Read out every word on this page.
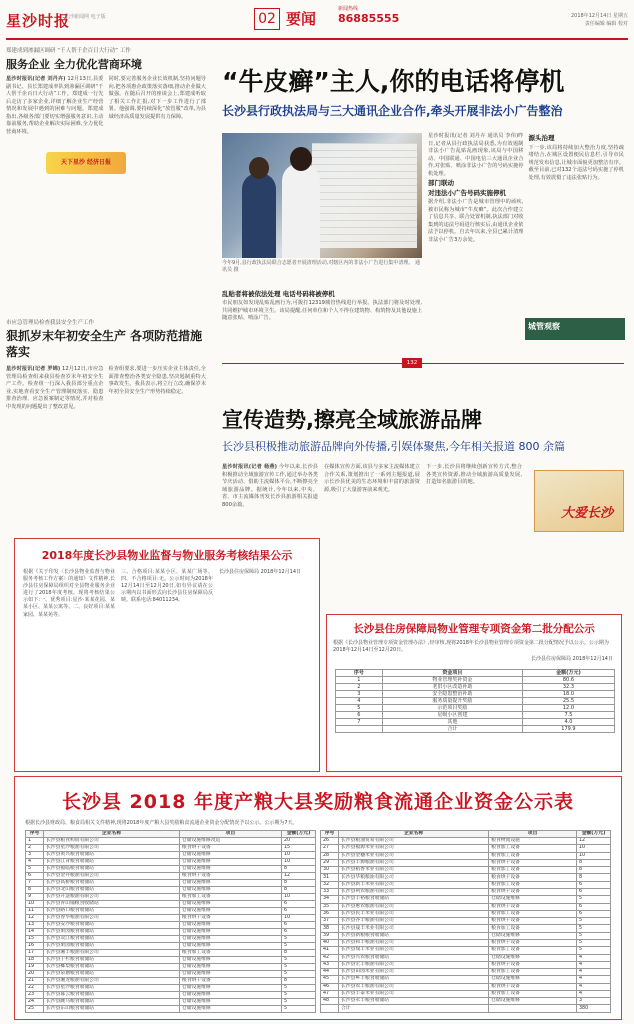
星沙时报
星沙新闻网 电子版	02 要闻
新闻热线
86885555	2018年12月14日 星期五
责任编辑 编辑 校对
郑建成到渗漏区调研 “千人帮千企百日大行动” 工作
服务企业 全力优化营商环境
星沙时报讯(记者 刘丹卉) 12月13日,县委副书记、县长郑建成率队到渗漏区调研“千人帮千企百日大行动”工作。郑建成一行先后走访了多家企业,详细了解企业生产经营情况和发展中遇到的困难与问题。郑建成指出,各级各部门要切实增强服务意识,主动靠前服务,帮助企业解决实际困难,全力优化营商环境。
同时,要完善服务企业长效机制,坚持问题导向,把各项惠企政策落实落细,推动企业做大做强。在随后召开的座谈会上,郑建成听取了相关工作汇报,对下一步工作进行了部署。他强调,要持续深化“放管服”改革,为县域经济高质量发展提供有力保障。
天下星沙 经济日报
市应急管理局检查我县安全生产工作
狠抓岁末年初安全生产 各项防范措施落实
星沙时报讯(记者 罗锦) 12月12日,市应急管理局检查组来我县检查岁末年初安全生产工作。检查组一行深入我县部分重点企业,实地查看安全生产管理制度落实、隐患排查治理、应急预案制定等情况,并对检查中发现的问题提出了整改意见。
检查组要求,要进一步压实企业主体责任,全面排查整治各类安全隐患,坚决遏制重特大事故发生。我县表示,将立行立改,确保岁末年初全县安全生产形势持续稳定。
“牛皮癣”主人,你的电话将停机
长沙县行政执法局与三大通讯企业合作,牵头开展非法小广告整治
今年9月,县行政执法局联合志愿者开展清理活动,对辖区内的非法小广告进行集中清理。 通讯员 摄
星沙时报讯(记者 刘丹卉 通讯员 李伟)昨日,记者从县行政执法局获悉,为有效遏制非法小广告乱贴乱画现象,该局与中国移动、中国联通、中国电信三大通讯企业合作,对张贴、喷涂非法小广告的号码实施停机处理。
部门联动
对违法小广告号码实施停机
据介绍,非法小广告是城市管理中的顽疾,被市民称为城市“牛皮癣”。此次合作建立了信息共享、联合处置机制,执法部门对收集到的违法号码进行核实后,由通讯企业依法予以停机。自去年以来,全县已累计清理非法小广告3万余处。
源头治理
下一步,该局将持续加大整治力度,坚持疏堵结合,在城区设置便民信息栏,引导市民规范发布信息,让城市面貌更加整洁有序。 截至目前,已对132个违法号码实施了停机处理,有效震慑了违法张贴行为。
城管观察
乱贴者将被依法处理 电话号码将被停机
市民朋友如发现乱贴乱画行为,可拨打12319城管热线进行举报。执法部门将及时处理,共同维护城市环境卫生。该局提醒,任何单位和个人不得在建筑物、构筑物及其他设施上随意张贴、喷涂广告。
132
宣传造势,擦亮全域旅游品牌
长沙县积极推动旅游品牌向外传播,引娱体聚焦,今年相关报道 800 余篇
星沙时报讯(记者 杨燕) 今年以来,长沙县积极推动全域旅游宣传工作,通过举办各类节庆活动、借助主流媒体平台,不断擦亮全域旅游品牌。据统计,今年以来,中央、省、市主流媒体刊发长沙县旅游相关报道800余篇。
在媒体宣传方面,该县与多家主流媒体建立合作关系,策划推出了一系列主题报道,展示长沙县优美的生态环境和丰富的旅游资源,吸引了大量游客前来观光。
下一步,长沙县将继续创新宣传方式,整合各类宣传资源,推动全域旅游高质量发展,打造知名旅游目的地。
大爱长沙
2018年度长沙县物业监督与物业服务考核结果公示
根据《关于印发〈长沙县物业监督与物业服务考核工作方案〉的通知》文件精神,长沙县住房保障局组织对全县物业服务企业进行了2018年度考核。现将考核结果公示如下:一、优秀项目:星沙·某某花园、某某小区、某某公寓等。二、良好项目:某某家园、某某苑等。
三、合格项目:某某小区、某某广场等。四、不合格项目:无。公示时间为2018年12月14日至12月20日,如有异议请在公示期内以书面形式向长沙县住房保障局反映。联系电话:84011234。
长沙县住房保障局 2018年12月14日
长沙县住房保障局物业管理专项资金第二批分配公示
根据《长沙县物业管理专项资金管理办法》,经审核,现将2018年长沙县物业管理专项资金第二批分配情况予以公示。公示期为2018年12月14日至12月20日。
长沙县住房保障局 2018年12月14日
序号	资金项目	金额(万元)
1	物业管理奖补资金	80.6
2	老旧小区改造补助	32.3
3	安全隐患整治补助	18.0
4	服务质量提升奖励	25.5
5	示范项目奖励	12.0
6	星级小区创建	7.5
7	其他	4.0
	合计	179.9
长沙县 2018 年度产粮大县奖励粮食流通企业资金公示表
根据长沙县财政局、粮食局相关文件精神,现将2018年度产粮大县奖励粮食流通企业资金分配情况予以公示。公示期为7天。
序号	企业名称	项目	金额(万元)
1	长沙县粮食购销有限公司	仓储设施维修改造	20
2	长沙县星沙粮油有限公司	粮食烘干设备	15
3	长沙县黄兴粮食收储站	仓储设施维修	10
4	长沙县江背粮食收储站	仓储设施维修	10
5	长沙县福临粮食收储站	仓储设施维修	8
6	长沙县金井粮油有限公司	粮食烘干设备	12
7	长沙县高桥粮食收储站	仓储设施维修	8
8	长沙县北山粮食收储站	仓储设施维修	8
9	长沙县开慧粮油有限公司	粮食加工设备	10
10	长沙县青山铺粮食收储站	仓储设施维修	6
11	长沙县路口粮食收储站	仓储设施维修	6
12	长沙县春华粮油有限公司	粮食烘干设备	10
13	长沙县安沙粮食收储站	仓储设施维修	6
14	长沙县果园粮食收储站	仓储设施维修	6
15	长沙县双江粮食收储站	仓储设施维修	5
16	长沙县果园粮食收储站	仓储设施维修	5
17	长沙县湘丰粮油有限公司	粮食加工设备	8
18	长沙县干杉粮食收储站	仓储设施维修	5
19	长沙县榔梨粮食收储站	仓储设施维修	5
20	长沙县泉塘粮食收储站	仓储设施维修	5
21	长沙县湘龙粮油有限公司	粮食烘干设备	8
22	长沙县星沙粮食收储站	仓储设施维修	5
23	长沙县暮云粮食收储站	仓储设施维修	5
24	长沙县跳马粮食收储站	仓储设施维修	5
25	长沙县东山粮食收储站	仓储设施维修	5
序号	企业名称	项目	金额(万元)
26	长沙县粮油贸易有限公司	粮食物流设施	12
27	长沙县福源米业有限公司	粮食加工设备	10
28	长沙县金穗米业有限公司	粮食加工设备	10
29	长沙县丰源粮油有限公司	粮食烘干设备	8
30	长沙县稻香米业有限公司	粮食加工设备	8
31	长沙县华粮粮油有限公司	粮食烘干设备	8
32	长沙县新丰米业有限公司	粮食加工设备	6
33	长沙县利农粮油有限公司	粮食烘干设备	6
34	长沙县丰裕粮食收储站	仓储设施维修	5
35	长沙县惠农粮油有限公司	粮食烘干设备	6
36	长沙县民丰米业有限公司	粮食加工设备	6
37	长沙县谷丰粮油有限公司	粮食烘干设备	5
38	长沙县晟丰米业有限公司	粮食加工设备	5
39	长沙县新粮粮食收储站	仓储设施维修	5
40	长沙县和丰粮油有限公司	粮食烘干设备	5
41	长沙县瑞丰米业有限公司	粮食加工设备	5
42	长沙县兴农粮食收储站	仓储设施维修	4
43	长沙县宏丰粮油有限公司	粮食烘干设备	4
44	长沙县田园米业有限公司	粮食加工设备	4
45	长沙县乡丰粮食收储站	仓储设施维修	4
46	长沙县农丰粮油有限公司	粮食烘干设备	4
47	长沙县丰泰米业有限公司	粮食加工设备	4
48	长沙县永丰粮食收储站	仓储设施维修	3
	合计		380
